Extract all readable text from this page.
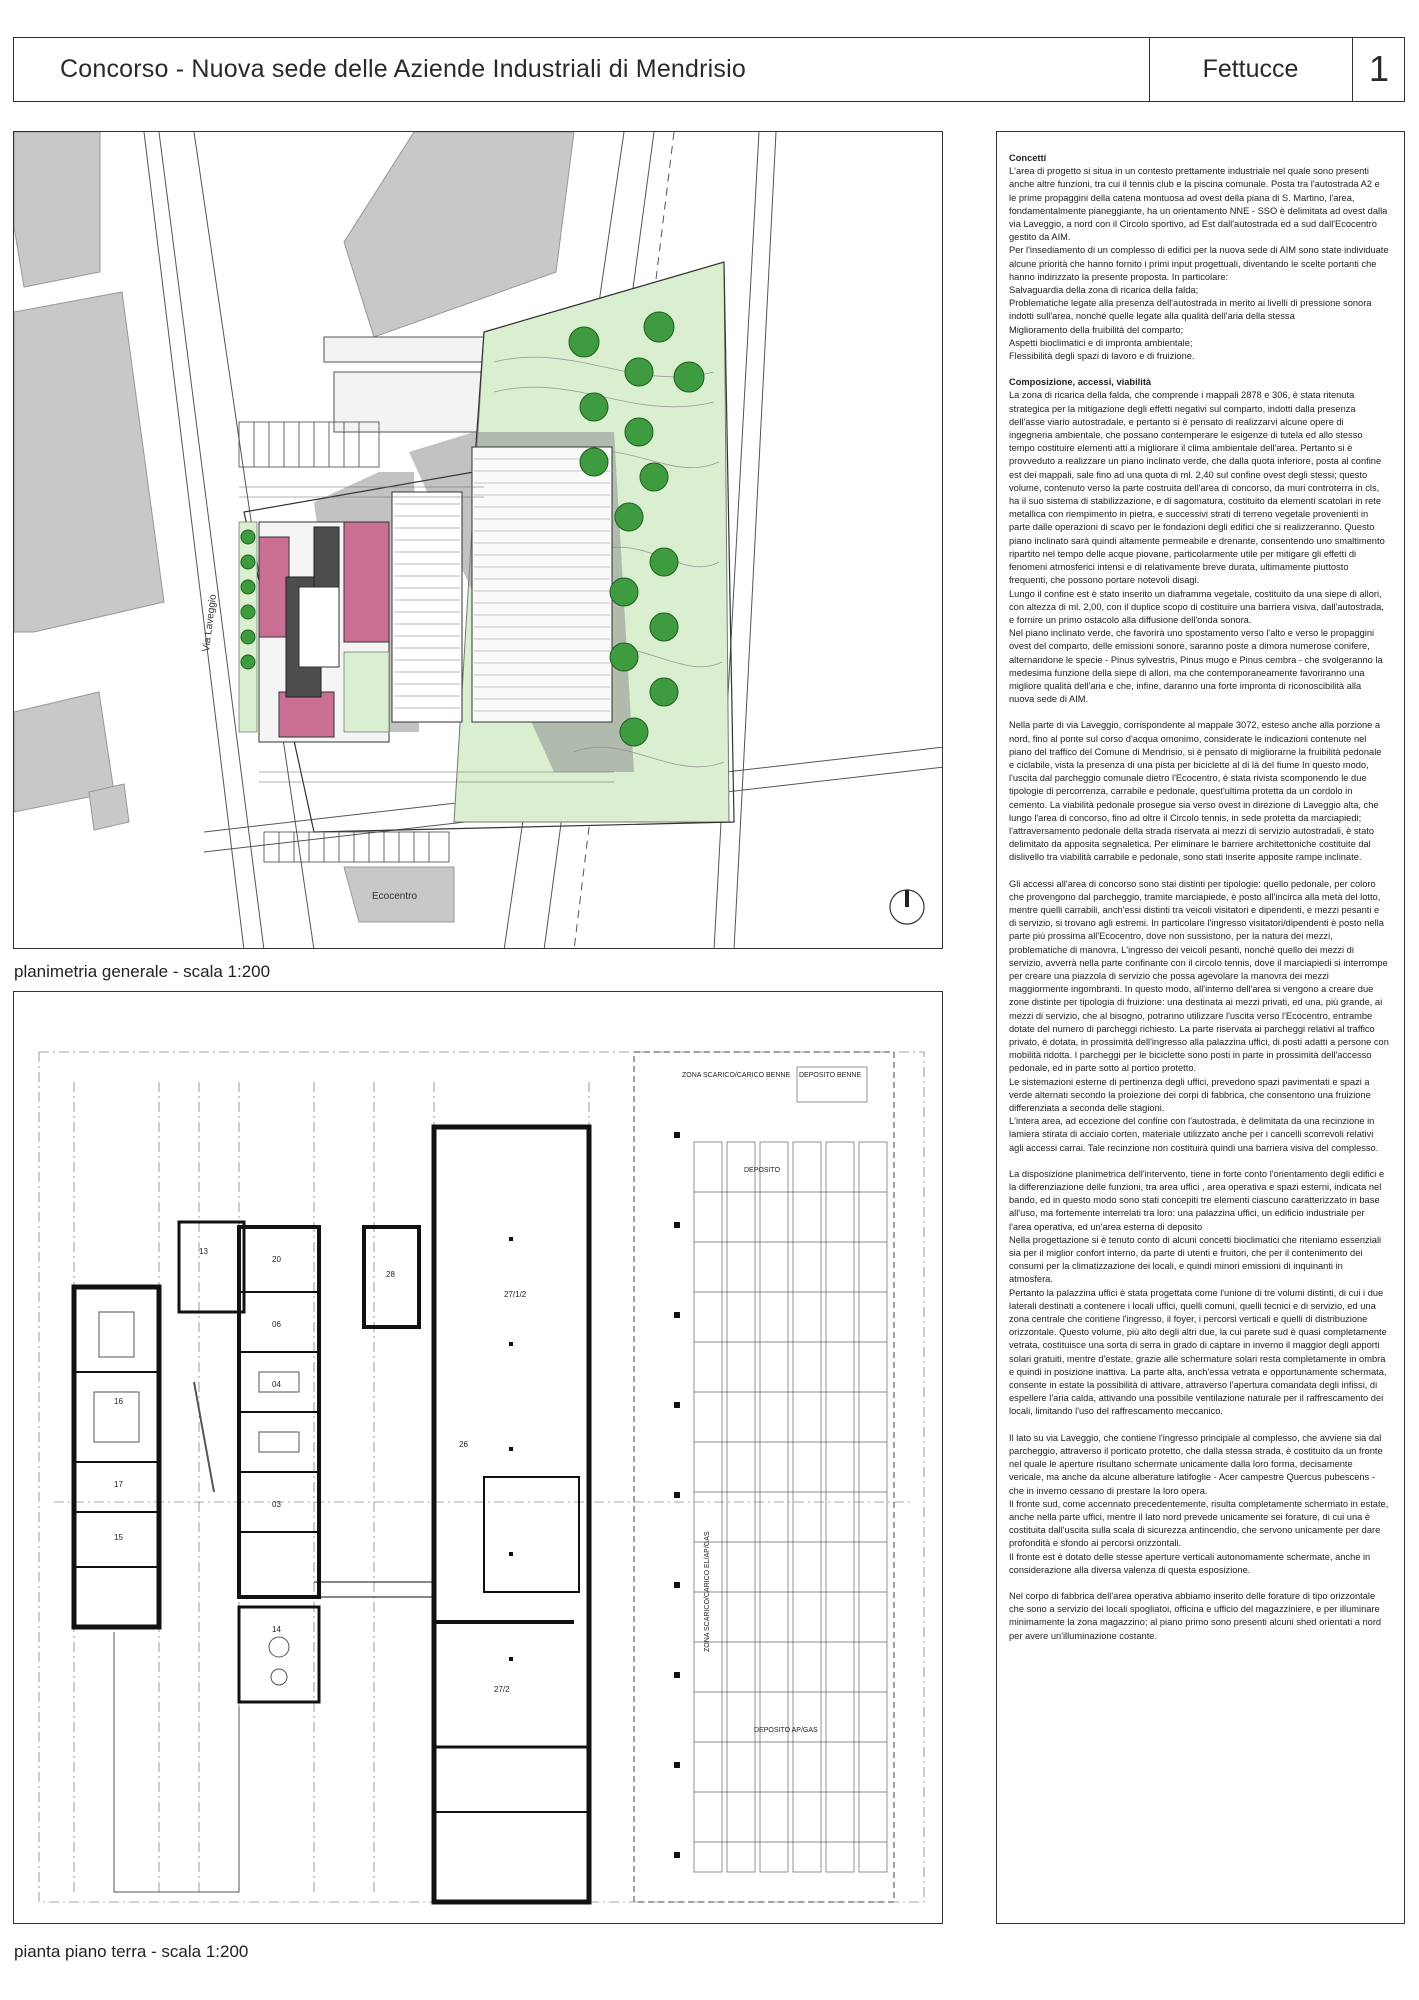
Concorso - Nuova sede delle Aziende Industriali di Mendrisio	Fettucce	1
Via Laveggio
Ecocentro
planimetria generale - scala 1:200
ZONA SCARICO/CARICO BENNE DEPOSITO BENNE
DEPOSITO
DEPOSITO AP/GAS
ZONA SCARICO/CARICO EL/AP/GAS
27/1/2
26
27/2
28
14
16
17
15
20
04
03
06
13
pianta piano terra - scala 1:200
Concetti

L'area di progetto si situa in un contesto prettamente industriale nel quale sono presenti anche altre funzioni, tra cui il tennis club e la piscina comunale. Posta tra l'autostrada A2 e le prime propaggini della catena montuosa ad ovest della piana di S. Martino, l'area, fondamentalmente pianeggiante, ha un orientamento NNE - SSO è delimitata ad ovest dalla via Laveggio, a nord con il Circolo sportivo, ad Est dall'autostrada ed a sud dall'Ecocentro gestito da AIM.

Per l'insediamento di un complesso di edifici per la nuova sede di AIM sono state individuate alcune priorità che hanno fornito i primi input progettuali, diventando le scelte portanti che hanno indirizzato la presente proposta. In particolare:

Salvaguardia della zona di ricarica della falda;

Problematiche legate alla presenza dell'autostrada in merito ai livelli di pressione sonora indotti sull'area, nonché quelle legate alla qualità dell'aria della stessa

Miglioramento della fruibilità del comparto;

Aspetti bioclimatici e di impronta ambientale;

Flessibilità degli spazi di lavoro e di fruizione.

Composizione, accessi, viabilità

La zona di ricarica della falda, che comprende i mappali 2878 e 306, è stata ritenuta strategica per la mitigazione degli effetti negativi sul comparto, indotti dalla presenza dell'asse viario autostradale, e pertanto si è pensato di realizzarvi alcune opere di ingegneria ambientale, che possano contemperare le esigenze di tutela ed allo stesso tempo costituire elementi atti a migliorare il clima ambientale dell'area. Pertanto si è provveduto a realizzare un piano inclinato verde, che dalla quota inferiore, posta al confine est dei mappali, sale fino ad una quota di ml. 2,40 sul confine ovest degli stessi; questo volume, contenuto verso la parte costruita dell'area di concorso, da muri controterra in cls, ha il suo sistema di stabilizzazione, e di sagomatura, costituito da elementi scatolari in rete metallica con riempimento in pietra, e successivi strati di terreno vegetale provenienti in parte dalle operazioni di scavo per le fondazioni degli edifici che si realizzeranno. Questo piano inclinato sarà quindi altamente permeabile e drenante, consentendo uno smaltimento ripartito nel tempo delle acque piovane, particolarmente utile per mitigare gli effetti di fenomeni atmosferici intensi e di relativamente breve durata, ultimamente piuttosto frequenti, che possono portare notevoli disagi.

Lungo il confine est è stato inserito un diaframma vegetale, costituito da una siepe di allori, con altezza di ml. 2,00, con il duplice scopo di costituire una barriera visiva, dall'autostrada, e fornire un primo ostacolo alla diffusione dell'onda sonora.

Nel piano inclinato verde, che favorirà uno spostamento verso l'alto e verso le propaggini ovest del comparto, delle emissioni sonore, saranno poste a dimora numerose conifere, alternandone le specie - Pinus sylvestris, Pinus mugo e Pinus cembra - che svolgeranno la medesima funzione della siepe di allori, ma che contemporaneamente favoriranno una migliore qualità dell'aria e che, infine, daranno una forte impronta di riconoscibilità alla nuova sede di AIM.

Nella parte di via Laveggio, corrispondente al mappale 3072, esteso anche alla porzione a nord, fino al ponte sul corso d'acqua omonimo, considerate le indicazioni contenute nel piano del traffico del Comune di Mendrisio, si è pensato di migliorarne la fruibilità pedonale e ciclabile, vista la presenza di una pista per biciclette al di là del fiume In questo modo, l'uscita dal parcheggio comunale dietro l'Ecocentro, è stata rivista scomponendo le due tipologie di percorrenza, carrabile e pedonale, quest'ultima protetta da un cordolo in cemento. La viabilità pedonale prosegue sia verso ovest in direzione di Laveggio alta, che lungo l'area di concorso, fino ad oltre il Circolo tennis, in sede protetta da marciapiedi; l'attraversamento pedonale della strada riservata ai mezzi di servizio autostradali, è stato delimitato da apposita segnaletica. Per eliminare le barriere architettoniche costituite dal dislivello tra viabilità carrabile e pedonale, sono stati inserite apposite rampe inclinate.

Gli accessi all'area di concorso sono stai distinti per tipologie: quello pedonale, per coloro che provengono dal parcheggio, tramite marciapiede, è posto all'incirca alla metà del lotto, mentre quelli carrabili, anch'essi distinti tra veicoli visitatori e dipendenti, e mezzi pesanti e di servizio, si trovano agli estremi. In particolare l'ingresso visitatori/dipendenti è posto nella parte più prossima all'Ecocentro, dove non sussistono, per la natura dei mezzi, problematiche di manovra. L'ingresso dei veicoli pesanti, nonché quello dei mezzi di servizio, avverrà nella parte confinante con il circolo tennis, dove il marciapiedi si interrompe per creare una piazzola di servizio che possa agevolare la manovra dei mezzi maggiormente ingombranti. In questo modo, all'interno dell'area si vengono a creare due zone distinte per tipologia di fruizione: una destinata ai mezzi privati, ed una, più grande, ai mezzi di servizio, che al bisogno, potranno utilizzare l'uscita verso l'Ecocentro, entrambe dotate del numero di parcheggi richiesto. La parte riservata ai parcheggi relativi al traffico privato, è dotata, in prossimità dell'ingresso alla palazzina uffici, di posti adatti a persone con mobilità ridotta. I parcheggi per le biciclette sono posti in parte in prossimità dell'accesso pedonale, ed in parte sotto al portico protetto.

Le sistemazioni esterne di pertinenza degli uffici, prevedono spazi pavimentati e spazi a verde alternati secondo la proiezione dei corpi di fabbrica, che consentono una fruizione differenziata a seconda delle stagioni.

L'intera area, ad eccezione del confine con l'autostrada, è delimitata da una recinzione in lamiera stirata di acciaio corten, materiale utilizzato anche per i cancelli scorrevoli relativi agli accessi carrai. Tale recinzione non costituirà quindi una barriera visiva del complesso.

La disposizione planimetrica dell'intervento, tiene in forte conto l'orientamento degli edifici e la differenziazione delle funzioni, tra area uffici , area operativa e spazi esterni, indicata nel bando, ed in questo modo sono stati concepiti tre elementi ciascuno caratterizzato in base all'uso, ma fortemente interrelati tra loro: una palazzina uffici, un edificio industriale per l'area operativa, ed un'area esterna di deposito

Nella progettazione si è tenuto conto di alcuni concetti bioclimatici che riteniamo essenziali sia per il miglior confort interno, da parte di utenti e fruitori, che per il contenimento dei consumi per la climatizzazione dei locali, e quindi minori emissioni di inquinanti in atmosfera.

Pertanto la palazzina uffici è stata progettata come l'unione di tre volumi distinti, di cui i due laterali destinati a contenere i locali uffici, quelli comuni, quelli tecnici e di servizio, ed una zona centrale che contiene l'ingresso, il foyer, i percorsi verticali e quelli di distribuzione orizzontale. Questo volume, più alto degli altri due, la cui parete sud è quasi completamente vetrata, costituisce una sorta di serra in grado di captare in inverno il maggior degli apporti solari gratuiti, mentre d'estate, grazie alle schermature solari resta completamente in ombra e quindi in posizione inattiva. La parte alta, anch'essa vetrata e opportunamente schermata, consente in estate la possibilità di attivare, attraverso l'apertura comandata degli infissi, di espellere l'aria calda, attivando una possibile ventilazione naturale per il raffrescamento dei locali, limitando l'uso del raffrescamento meccanico.

Il lato su via Laveggio, che contiene l'ingresso principale al complesso, che avviene sia dal parcheggio, attraverso il porticato protetto, che dalla stessa strada, è costituito da un fronte nel quale le aperture risultano schermate unicamente dalla loro forma, decisamente vericale, ma anche da alcune alberature latifoglie - Acer campestre Quercus pubescens - che in inverno cessano di prestare la loro opera.

Il fronte sud, come accennato precedentemente, risulta completamente schermato in estate, anche nella parte uffici, mentre il lato nord prevede unicamente sei forature, di cui una è costituita dall'uscita sulla scala di sicurezza antincendio, che servono unicamente per dare profondità e sfondo ai percorsi orizzontali.

Il fronte est è dotato delle stesse aperture verticali autonomamente schermate, anche in considerazione alla diversa valenza di questa esposizione.

Nel corpo di fabbrica dell'area operativa abbiamo inserito delle forature di tipo orizzontale che sono a servizio dei locali spogliatoi, officina e ufficio del magazziniere, e per illuminare minimamente la zona magazzino; al piano primo sono presenti alcuni shed orientati a nord per avere un'illuminazione costante.
